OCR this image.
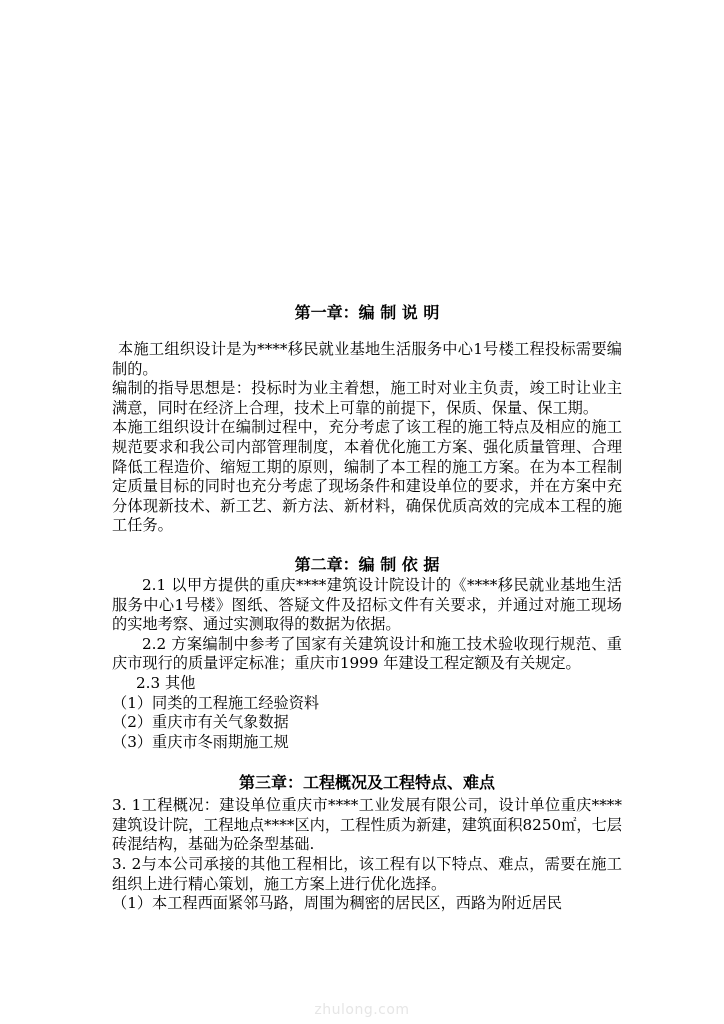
第一章：编 制 说 明

本施工组织设计是为****移民就业基地生活服务中心1号楼工程投标需要编制的。

编制的指导思想是：投标时为业主着想，施工时对业主负责，竣工时让业主满意，同时在经济上合理，技术上可靠的前提下，保质、保量、保工期。

本施工组织设计在编制过程中，充分考虑了该工程的施工特点及相应的施工规范要求和我公司内部管理制度，本着优化施工方案、强化质量管理、合理降低工程造价、缩短工期的原则，编制了本工程的施工方案。在为本工程制定质量目标的同时也充分考虑了现场条件和建设单位的要求，并在方案中充分体现新技术、新工艺、新方法、新材料，确保优质高效的完成本工程的施工任务。

第二章：编 制 依 据

2.1 以甲方提供的重庆****建筑设计院设计的《****移民就业基地生活服务中心1号楼》图纸、答疑文件及招标文件有关要求，并通过对施工现场的实地考察、通过实测取得的数据为依据。

2.2 方案编制中参考了国家有关建筑设计和施工技术验收现行规范、重庆市现行的质量评定标准；重庆市1999 年建设工程定额及有关规定。

2.3 其他

（1）同类的工程施工经验资料

（2）重庆市有关气象数据

（3）重庆市冬雨期施工规

第三章：工程概况及工程特点、难点

3. 1工程概况：建设单位重庆市****工业发展有限公司，设计单位重庆****建筑设计院，工程地点****区内，工程性质为新建，建筑面积8250㎡，七层砖混结构，基础为砼条型基础.

3. 2与本公司承接的其他工程相比，该工程有以下特点、难点，需要在施工组织上进行精心策划，施工方案上进行优化选择。

（1）本工程西面紧邻马路，周围为稠密的居民区，西路为附近居民

zhulong.com
